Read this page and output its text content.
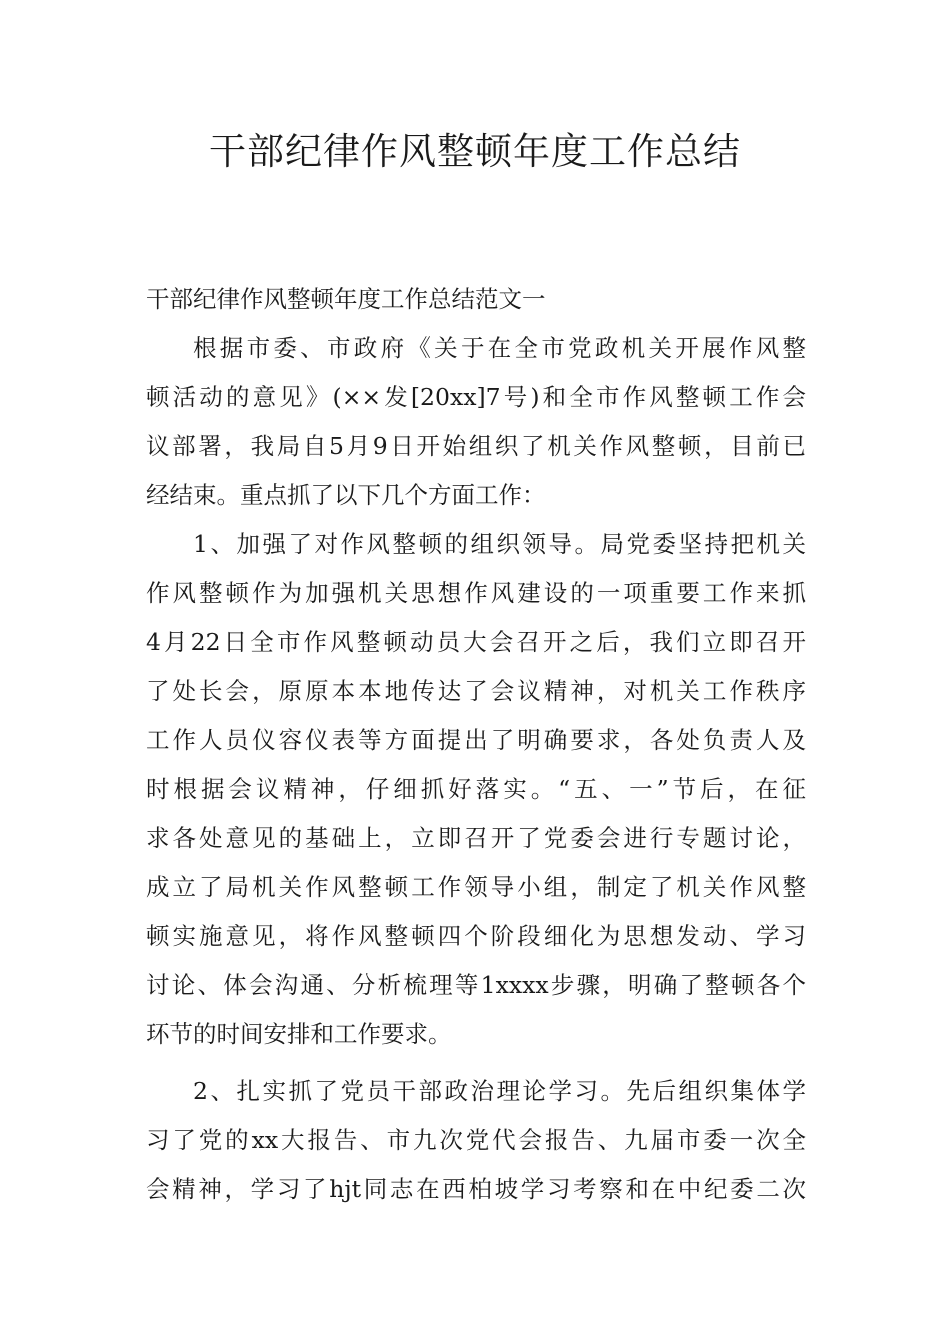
干部纪律作风整顿年度工作总结

干部纪律作风整顿年度工作总结范文一

根据市委、市政府《关于在全市党政机关开展作风整
顿活动的意见》(××发[20xx]7号)和全市作风整顿工作会
议部署，我局自5月9日开始组织了机关作风整顿，目前已
经结束。重点抓了以下几个方面工作：

1、加强了对作风整顿的组织领导。局党委坚持把机关
作风整顿作为加强机关思想作风建设的一项重要工作来抓
4月22日全市作风整顿动员大会召开之后，我们立即召开
了处长会，原原本本地传达了会议精神，对机关工作秩序
工作人员仪容仪表等方面提出了明确要求，各处负责人及
时根据会议精神，仔细抓好落实。“五、一”节后，在征
求各处意见的基础上，立即召开了党委会进行专题讨论，
成立了局机关作风整顿工作领导小组，制定了机关作风整
顿实施意见，将作风整顿四个阶段细化为思想发动、学习
讨论、体会沟通、分析梳理等1xxxx步骤，明确了整顿各个
环节的时间安排和工作要求。

2、扎实抓了党员干部政治理论学习。先后组织集体学
习了党的xx大报告、市九次党代会报告、九届市委一次全
会精神，学习了hjt同志在西柏坡学习考察和在中纪委二次
